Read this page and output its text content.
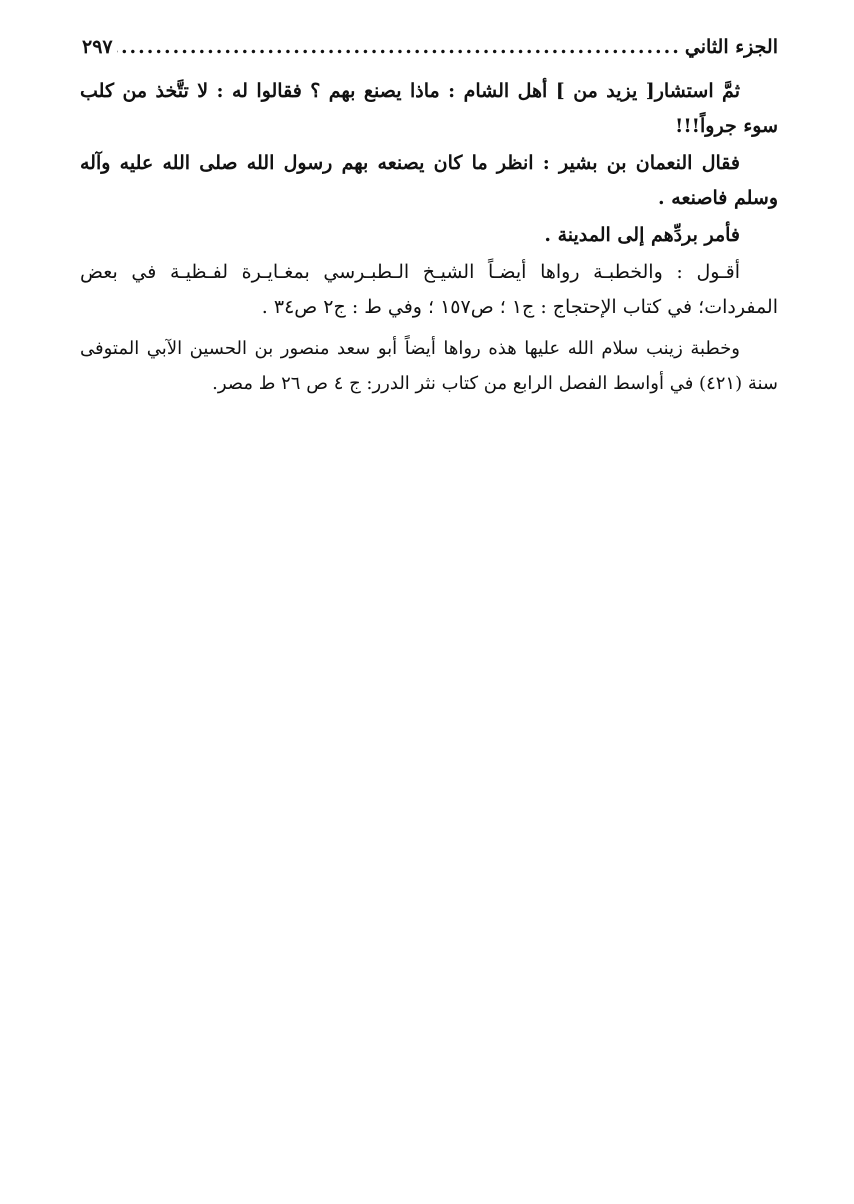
الجزء الثاني
.....
٢٩٧

ثمَّ استشار[ يزيد من ] أهل الشام : ماذا يصنع بهم ؟ فقالوا له : لا تتَّخذ من كلب سوء جرواً!!!

فقال النعمان بن بشير : انظر ما كان يصنعه بهم رسول الله صلى الله عليه وآله وسلم فاصنعه .

فأمر بردِّهم إلى المدينة .

أقـول : والخطبـة رواها أيضـاً الشيـخ الـطبـرسي بمغـايـرة لفـظيـة في بعض المفردات؛ في كتاب الإحتجاج : ج١ ؛ ص١٥٧ ؛ وفي ط : ج٢ ص٣٤ .

وخطبة زينب سلام الله عليها هذه رواها أيضاً أبو سعد منصور بن الحسين الآبي المتوفى سنة (٤٢١) في أواسط الفصل الرابع من كتاب نثر الدرر: ج ٤ ص ٢٦ ط مصر.
